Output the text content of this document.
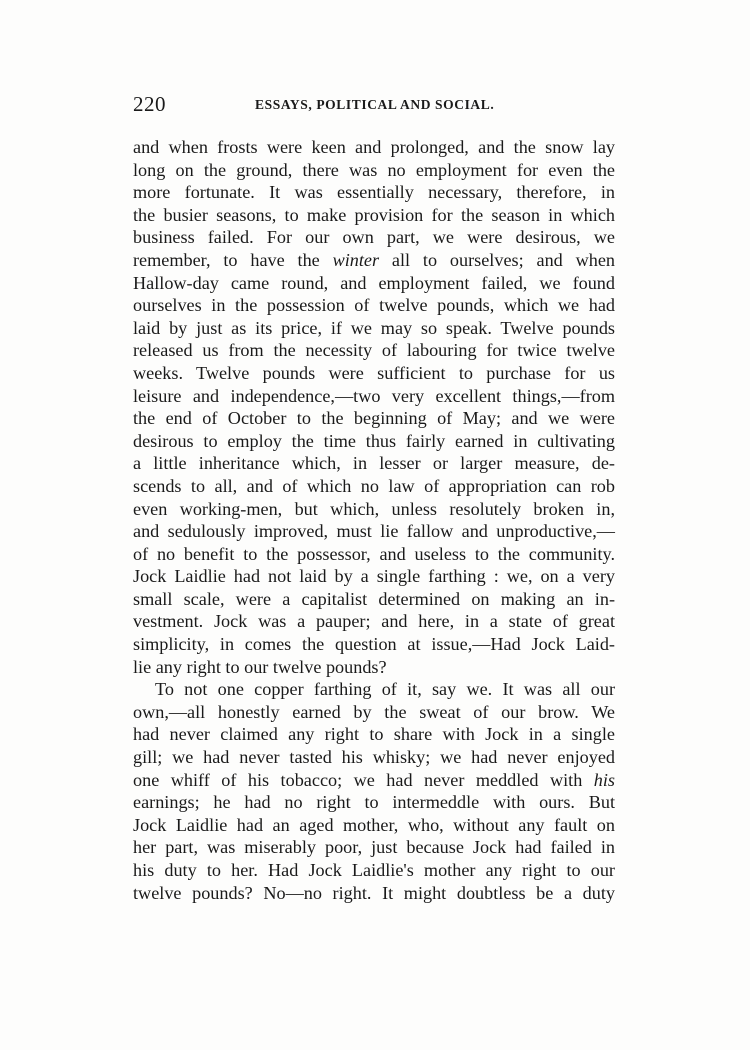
220	ESSAYS, POLITICAL AND SOCIAL.
and when frosts were keen and prolonged, and the snow lay
long on the ground, there was no employment for even the
more fortunate. It was essentially necessary, therefore, in
the busier seasons, to make provision for the season in which
business failed. For our own part, we were desirous, we
remember, to have the winter all to ourselves; and when
Hallow-day came round, and employment failed, we found
ourselves in the possession of twelve pounds, which we had
laid by just as its price, if we may so speak. Twelve pounds
released us from the necessity of labouring for twice twelve
weeks. Twelve pounds were sufficient to purchase for us
leisure and independence,—two very excellent things,—from
the end of October to the beginning of May; and we were
desirous to employ the time thus fairly earned in cultivating
a little inheritance which, in lesser or larger measure, de-
scends to all, and of which no law of appropriation can rob
even working-men, but which, unless resolutely broken in,
and sedulously improved, must lie fallow and unproductive,—
of no benefit to the possessor, and useless to the community.
Jock Laidlie had not laid by a single farthing : we, on a very
small scale, were a capitalist determined on making an in-
vestment. Jock was a pauper; and here, in a state of great
simplicity, in comes the question at issue,—Had Jock Laid-
lie any right to our twelve pounds?
To not one copper farthing of it, say we. It was all our
own,—all honestly earned by the sweat of our brow. We
had never claimed any right to share with Jock in a single
gill; we had never tasted his whisky; we had never enjoyed
one whiff of his tobacco; we had never meddled with his
earnings; he had no right to intermeddle with ours. But
Jock Laidlie had an aged mother, who, without any fault on
her part, was miserably poor, just because Jock had failed in
his duty to her. Had Jock Laidlie's mother any right to our
twelve pounds? No—no right. It might doubtless be a duty
